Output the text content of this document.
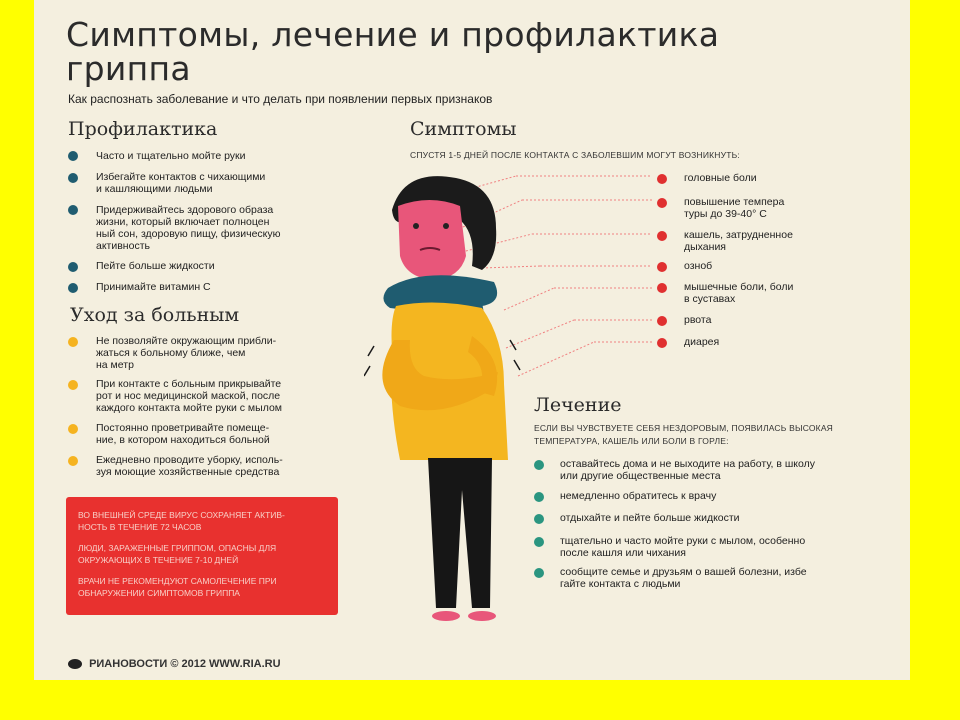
Симптомы, лечение и профилактика
гриппа
Как распознать заболевание и что делать при появлении первых признаков
Профилактика
Часто и тщательно мойте руки
Избегайте контактов с чихающими
и кашляющими людьми
Придерживайтесь здорового образа
жизни, который включает полноцен
ный сон, здоровую пищу, физическую
активность
Пейте больше жидкости
Принимайте витамин С
Уход за больным
Не позволяйте окружающим прибли-
жаться к больному ближе, чем
на метр
При контакте с больным прикрывайте
рот и нос медицинской маской, после
каждого контакта мойте руки с мылом
Постоянно проветривайте помеще-
ние, в котором находиться больной
Ежедневно проводите уборку, исполь-
зуя моющие хозяйственные средства
ВО ВНЕШНЕЙ СРЕДЕ ВИРУС СОХРАНЯЕТ АКТИВ-
НОСТЬ В ТЕЧЕНИЕ 72 ЧАСОВ
ЛЮДИ, ЗАРАЖЕННЫЕ ГРИППОМ, ОПАСНЫ ДЛЯ
ОКРУЖАЮЩИХ В ТЕЧЕНИЕ 7-10 ДНЕЙ
ВРАЧИ НЕ РЕКОМЕНДУЮТ САМОЛЕЧЕНИЕ ПРИ
ОБНАРУЖЕНИИ СИМПТОМОВ ГРИППА
Симптомы
СПУСТЯ 1-5 ДНЕЙ ПОСЛЕ КОНТАКТА С ЗАБОЛЕВШИМ МОГУТ ВОЗНИКНУТЬ:
головные боли
повышение темпера
туры до 39-40° С
кашель, затрудненное
дыхания
озноб
мышечные боли, боли
в суставах
рвота
диарея
Лечение
ЕСЛИ ВЫ ЧУВСТВУЕТЕ СЕБЯ НЕЗДОРОВЫМ, ПОЯВИЛАСЬ ВЫСОКАЯ
ТЕМПЕРАТУРА, КАШЕЛЬ ИЛИ БОЛИ В ГОРЛЕ:
оставайтесь дома и не выходите на работу, в школу
или другие общественные места
немедленно обратитесь к врачу
отдыхайте и пейте больше жидкости
тщательно и часто мойте руки с мылом, особенно
после кашля или чихания
сообщите семье и друзьям о вашей болезни, избе
гайте контакта с людьми
РИАНОВОСТИ © 2012 WWW.RIA.RU
